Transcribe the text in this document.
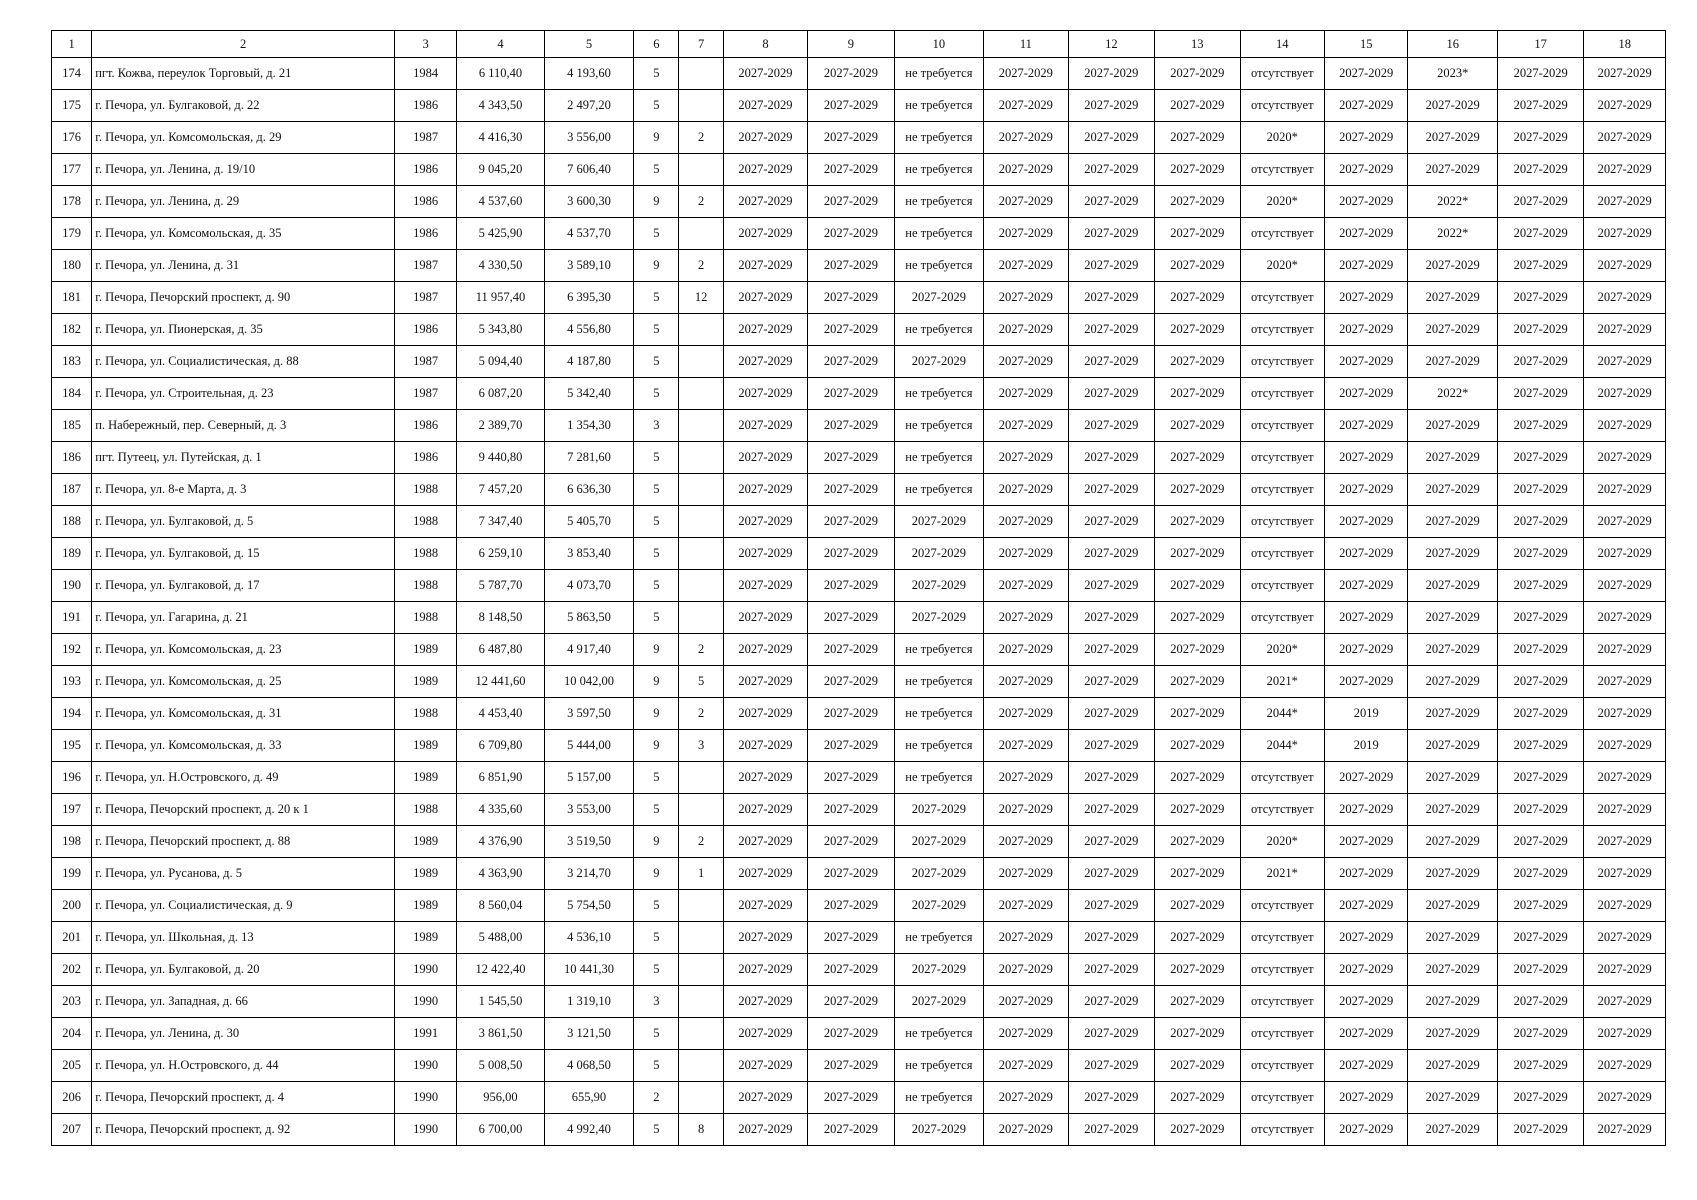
1	2	3	4	5	6	7	8	9	10	11	12	13	14	15	16	17	18
174	пгт. Кожва, переулок Торговый, д. 21	1984	6 110,40	4 193,60	5		2027-2029	2027-2029	не требуется	2027-2029	2027-2029	2027-2029	отсутствует	2027-2029	2023*	2027-2029	2027-2029
175	г. Печора, ул. Булгаковой, д. 22	1986	4 343,50	2 497,20	5		2027-2029	2027-2029	не требуется	2027-2029	2027-2029	2027-2029	отсутствует	2027-2029	2027-2029	2027-2029	2027-2029
176	г. Печора, ул. Комсомольская, д. 29	1987	4 416,30	3 556,00	9	2	2027-2029	2027-2029	не требуется	2027-2029	2027-2029	2027-2029	2020*	2027-2029	2027-2029	2027-2029	2027-2029
177	г. Печора, ул. Ленина, д. 19/10	1986	9 045,20	7 606,40	5		2027-2029	2027-2029	не требуется	2027-2029	2027-2029	2027-2029	отсутствует	2027-2029	2027-2029	2027-2029	2027-2029
178	г. Печора, ул. Ленина, д. 29	1986	4 537,60	3 600,30	9	2	2027-2029	2027-2029	не требуется	2027-2029	2027-2029	2027-2029	2020*	2027-2029	2022*	2027-2029	2027-2029
179	г. Печора, ул. Комсомольская, д. 35	1986	5 425,90	4 537,70	5		2027-2029	2027-2029	не требуется	2027-2029	2027-2029	2027-2029	отсутствует	2027-2029	2022*	2027-2029	2027-2029
180	г. Печора, ул. Ленина, д. 31	1987	4 330,50	3 589,10	9	2	2027-2029	2027-2029	не требуется	2027-2029	2027-2029	2027-2029	2020*	2027-2029	2027-2029	2027-2029	2027-2029
181	г. Печора, Печорский проспект, д. 90	1987	11 957,40	6 395,30	5	12	2027-2029	2027-2029	2027-2029	2027-2029	2027-2029	2027-2029	отсутствует	2027-2029	2027-2029	2027-2029	2027-2029
182	г. Печора, ул. Пионерская, д. 35	1986	5 343,80	4 556,80	5		2027-2029	2027-2029	не требуется	2027-2029	2027-2029	2027-2029	отсутствует	2027-2029	2027-2029	2027-2029	2027-2029
183	г. Печора, ул. Социалистическая, д. 88	1987	5 094,40	4 187,80	5		2027-2029	2027-2029	2027-2029	2027-2029	2027-2029	2027-2029	отсутствует	2027-2029	2027-2029	2027-2029	2027-2029
184	г. Печора, ул. Строительная, д. 23	1987	6 087,20	5 342,40	5		2027-2029	2027-2029	не требуется	2027-2029	2027-2029	2027-2029	отсутствует	2027-2029	2022*	2027-2029	2027-2029
185	п. Набережный, пер. Северный, д. 3	1986	2 389,70	1 354,30	3		2027-2029	2027-2029	не требуется	2027-2029	2027-2029	2027-2029	отсутствует	2027-2029	2027-2029	2027-2029	2027-2029
186	пгт. Путеец, ул. Путейская, д. 1	1986	9 440,80	7 281,60	5		2027-2029	2027-2029	не требуется	2027-2029	2027-2029	2027-2029	отсутствует	2027-2029	2027-2029	2027-2029	2027-2029
187	г. Печора, ул. 8-е Марта, д. 3	1988	7 457,20	6 636,30	5		2027-2029	2027-2029	не требуется	2027-2029	2027-2029	2027-2029	отсутствует	2027-2029	2027-2029	2027-2029	2027-2029
188	г. Печора, ул. Булгаковой, д. 5	1988	7 347,40	5 405,70	5		2027-2029	2027-2029	2027-2029	2027-2029	2027-2029	2027-2029	отсутствует	2027-2029	2027-2029	2027-2029	2027-2029
189	г. Печора, ул. Булгаковой, д. 15	1988	6 259,10	3 853,40	5		2027-2029	2027-2029	2027-2029	2027-2029	2027-2029	2027-2029	отсутствует	2027-2029	2027-2029	2027-2029	2027-2029
190	г. Печора, ул. Булгаковой, д. 17	1988	5 787,70	4 073,70	5		2027-2029	2027-2029	2027-2029	2027-2029	2027-2029	2027-2029	отсутствует	2027-2029	2027-2029	2027-2029	2027-2029
191	г. Печора, ул. Гагарина, д. 21	1988	8 148,50	5 863,50	5		2027-2029	2027-2029	2027-2029	2027-2029	2027-2029	2027-2029	отсутствует	2027-2029	2027-2029	2027-2029	2027-2029
192	г. Печора, ул. Комсомольская, д. 23	1989	6 487,80	4 917,40	9	2	2027-2029	2027-2029	не требуется	2027-2029	2027-2029	2027-2029	2020*	2027-2029	2027-2029	2027-2029	2027-2029
193	г. Печора, ул. Комсомольская, д. 25	1989	12 441,60	10 042,00	9	5	2027-2029	2027-2029	не требуется	2027-2029	2027-2029	2027-2029	2021*	2027-2029	2027-2029	2027-2029	2027-2029
194	г. Печора, ул. Комсомольская, д. 31	1988	4 453,40	3 597,50	9	2	2027-2029	2027-2029	не требуется	2027-2029	2027-2029	2027-2029	2044*	2019	2027-2029	2027-2029	2027-2029
195	г. Печора, ул. Комсомольская, д. 33	1989	6 709,80	5 444,00	9	3	2027-2029	2027-2029	не требуется	2027-2029	2027-2029	2027-2029	2044*	2019	2027-2029	2027-2029	2027-2029
196	г. Печора, ул. Н.Островского, д. 49	1989	6 851,90	5 157,00	5		2027-2029	2027-2029	не требуется	2027-2029	2027-2029	2027-2029	отсутствует	2027-2029	2027-2029	2027-2029	2027-2029
197	г. Печора, Печорский проспект, д. 20 к 1	1988	4 335,60	3 553,00	5		2027-2029	2027-2029	2027-2029	2027-2029	2027-2029	2027-2029	отсутствует	2027-2029	2027-2029	2027-2029	2027-2029
198	г. Печора, Печорский проспект, д. 88	1989	4 376,90	3 519,50	9	2	2027-2029	2027-2029	2027-2029	2027-2029	2027-2029	2027-2029	2020*	2027-2029	2027-2029	2027-2029	2027-2029
199	г. Печора, ул. Русанова, д. 5	1989	4 363,90	3 214,70	9	1	2027-2029	2027-2029	2027-2029	2027-2029	2027-2029	2027-2029	2021*	2027-2029	2027-2029	2027-2029	2027-2029
200	г. Печора, ул. Социалистическая, д. 9	1989	8 560,04	5 754,50	5		2027-2029	2027-2029	2027-2029	2027-2029	2027-2029	2027-2029	отсутствует	2027-2029	2027-2029	2027-2029	2027-2029
201	г. Печора, ул. Школьная, д. 13	1989	5 488,00	4 536,10	5		2027-2029	2027-2029	не требуется	2027-2029	2027-2029	2027-2029	отсутствует	2027-2029	2027-2029	2027-2029	2027-2029
202	г. Печора, ул. Булгаковой, д. 20	1990	12 422,40	10 441,30	5		2027-2029	2027-2029	2027-2029	2027-2029	2027-2029	2027-2029	отсутствует	2027-2029	2027-2029	2027-2029	2027-2029
203	г. Печора, ул. Западная, д. 66	1990	1 545,50	1 319,10	3		2027-2029	2027-2029	2027-2029	2027-2029	2027-2029	2027-2029	отсутствует	2027-2029	2027-2029	2027-2029	2027-2029
204	г. Печора, ул. Ленина, д. 30	1991	3 861,50	3 121,50	5		2027-2029	2027-2029	не требуется	2027-2029	2027-2029	2027-2029	отсутствует	2027-2029	2027-2029	2027-2029	2027-2029
205	г. Печора, ул. Н.Островского, д. 44	1990	5 008,50	4 068,50	5		2027-2029	2027-2029	не требуется	2027-2029	2027-2029	2027-2029	отсутствует	2027-2029	2027-2029	2027-2029	2027-2029
206	г. Печора, Печорский проспект, д. 4	1990	956,00	655,90	2		2027-2029	2027-2029	не требуется	2027-2029	2027-2029	2027-2029	отсутствует	2027-2029	2027-2029	2027-2029	2027-2029
207	г. Печора, Печорский проспект, д. 92	1990	6 700,00	4 992,40	5	8	2027-2029	2027-2029	2027-2029	2027-2029	2027-2029	2027-2029	отсутствует	2027-2029	2027-2029	2027-2029	2027-2029
